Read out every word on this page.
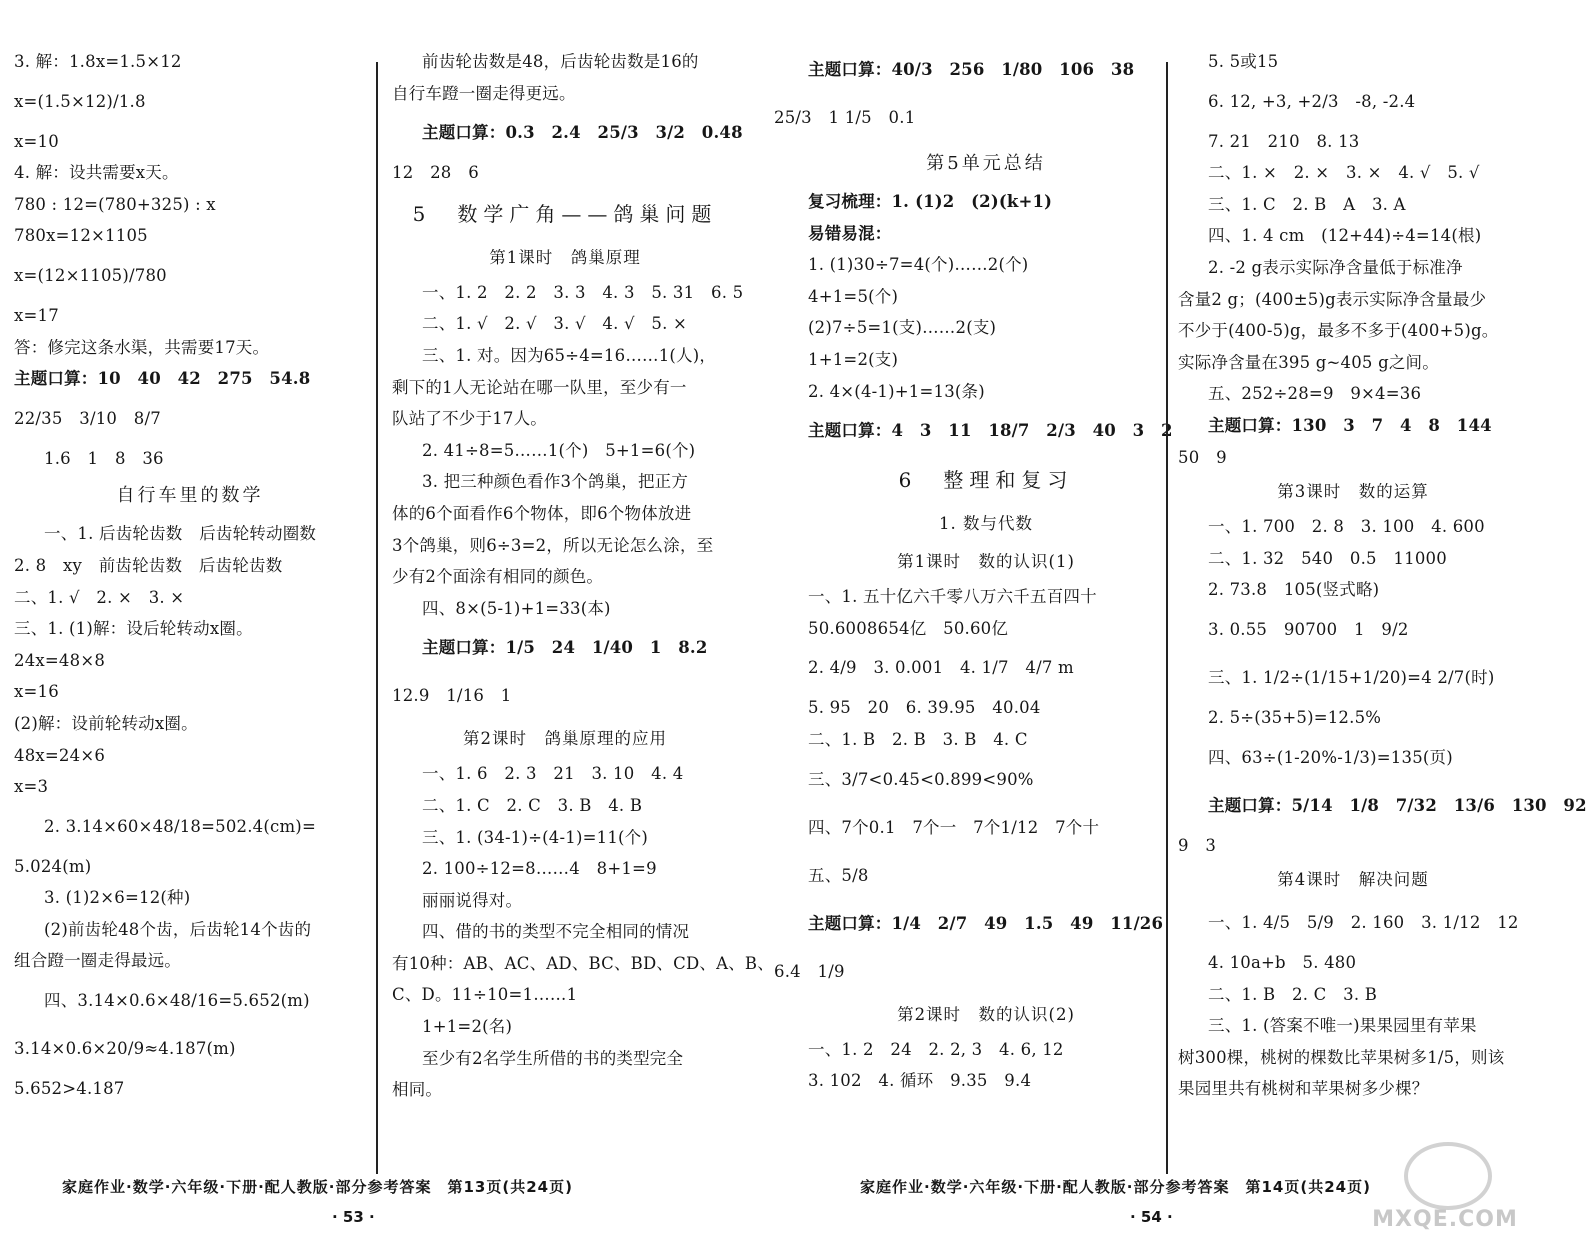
3. 解：1.8x=1.5×12
x=(1.5×12)/1.8
x=10
4. 解：设共需要x天。
780 : 12=(780+325) : x
780x=12×1105
x=(12×1105)/780
x=17
答：修完这条水渠，共需要17天。
主题口算：10　40　42　275　54.8
22/35　3/10　8/7
1.6　1　8　36
自行车里的数学
一、1. 后齿轮齿数　后齿轮转动圈数
2. 8　xy　前齿轮齿数　后齿轮齿数
二、1. √　2. ×　3. ×
三、1. (1)解：设后轮转动x圈。
24x=48×8
x=16
(2)解：设前轮转动x圈。
48x=24×6
x=3
2. 3.14×60×48/18=502.4(cm)=
5.024(m)
3. (1)2×6=12(种)
(2)前齿轮48个齿，后齿轮14个齿的
组合蹬一圈走得最远。
四、3.14×0.6×48/16=5.652(m)
3.14×0.6×20/9≈4.187(m)
5.652>4.187
前齿轮齿数是48，后齿轮齿数是16的
自行车蹬一圈走得更远。
主题口算：0.3　2.4　25/3　3/2　0.48
12　28　6
5　数学广角——鸽巢问题
第1课时　鸽巢原理
一、1. 2　2. 2　3. 3　4. 3　5. 31　6. 5
二、1. √　2. √　3. √　4. √　5. ×
三、1. 对。因为65÷4=16……1(人)，
剩下的1人无论站在哪一队里，至少有一
队站了不少于17人。
2. 41÷8=5……1(个)　5+1=6(个)
3. 把三种颜色看作3个鸽巢，把正方
体的6个面看作6个物体，即6个物体放进
3个鸽巢，则6÷3=2，所以无论怎么涂，至
少有2个面涂有相同的颜色。
四、8×(5-1)+1=33(本)
主题口算：1/5　24　1/40　1　8.2
12.9　1/16　1
第2课时　鸽巢原理的应用
一、1. 6　2. 3　21　3. 10　4. 4
二、1. C　2. C　3. B　4. B
三、1. (34-1)÷(4-1)=11(个)
2. 100÷12=8……4　8+1=9
丽丽说得对。
四、借的书的类型不完全相同的情况
有10种：AB、AC、AD、BC、BD、CD、A、B、
C、D。11÷10=1……1
1+1=2(名)
至少有2名学生所借的书的类型完全
相同。
家庭作业·数学·六年级·下册·配人教版·部分参考答案　第13页(共24页)
· 53 ·
主题口算：40/3　256　1/80　106　38
25/3　1 1/5　0.1
第5单元总结
复习梳理：1. (1)2　(2)(k+1)
易错易混：
1. (1)30÷7=4(个)……2(个)
4+1=5(个)
(2)7÷5=1(支)……2(支)
1+1=2(支)
2. 4×(4-1)+1=13(条)
主题口算：4　3　11　18/7　2/3　40　3　2
6　整理和复习
1. 数与代数
第1课时　数的认识(1)
一、1. 五十亿六千零八万六千五百四十
50.6008654亿　50.60亿
2. 4/9　3. 0.001　4. 1/7　4/7 m
5. 95　20　6. 39.95　40.04
二、1. B　2. B　3. B　4. C
三、3/7<0.45<0.899<90%
四、7个0.1　7个一　7个1/12　7个十
五、5/8
主题口算：1/4　2/7　49　1.5　49　11/26
6.4　1/9
第2课时　数的认识(2)
一、1. 2　24　2. 2, 3　4. 6, 12
3. 102　4. 循环　9.35　9.4
5. 5或15
6. 12, +3, +2/3　-8, -2.4
7. 21　210　8. 13
二、1. ×　2. ×　3. ×　4. √　5. √
三、1. C　2. B　A　3. A
四、1. 4 cm　(12+44)÷4=14(根)
2. -2 g表示实际净含量低于标准净
含量2 g；(400±5)g表示实际净含量最少
不少于(400-5)g，最多不多于(400+5)g。
实际净含量在395 g~405 g之间。
五、252÷28=9　9×4=36
主题口算：130　3　7　4　8　144
50　9
第3课时　数的运算
一、1. 700　2. 8　3. 100　4. 600
二、1. 32　540　0.5　11000
2. 73.8　105(竖式略)
3. 0.55　90700　1　9/2
三、1. 1/2÷(1/15+1/20)=4 2/7(时)
2. 5÷(35+5)=12.5%
四、63÷(1-20%-1/3)=135(页)
主题口算：5/14　1/8　7/32　13/6　130　92
9　3
第4课时　解决问题
一、1. 4/5　5/9　2. 160　3. 1/12　12
4. 10a+b　5. 480
二、1. B　2. C　3. B
三、1. (答案不唯一)果果园里有苹果
树300棵，桃树的棵数比苹果树多1/5，则该
果园里共有桃树和苹果树多少棵？
家庭作业·数学·六年级·下册·配人教版·部分参考答案　第14页(共24页)
· 54 ·	MXQE.COM
